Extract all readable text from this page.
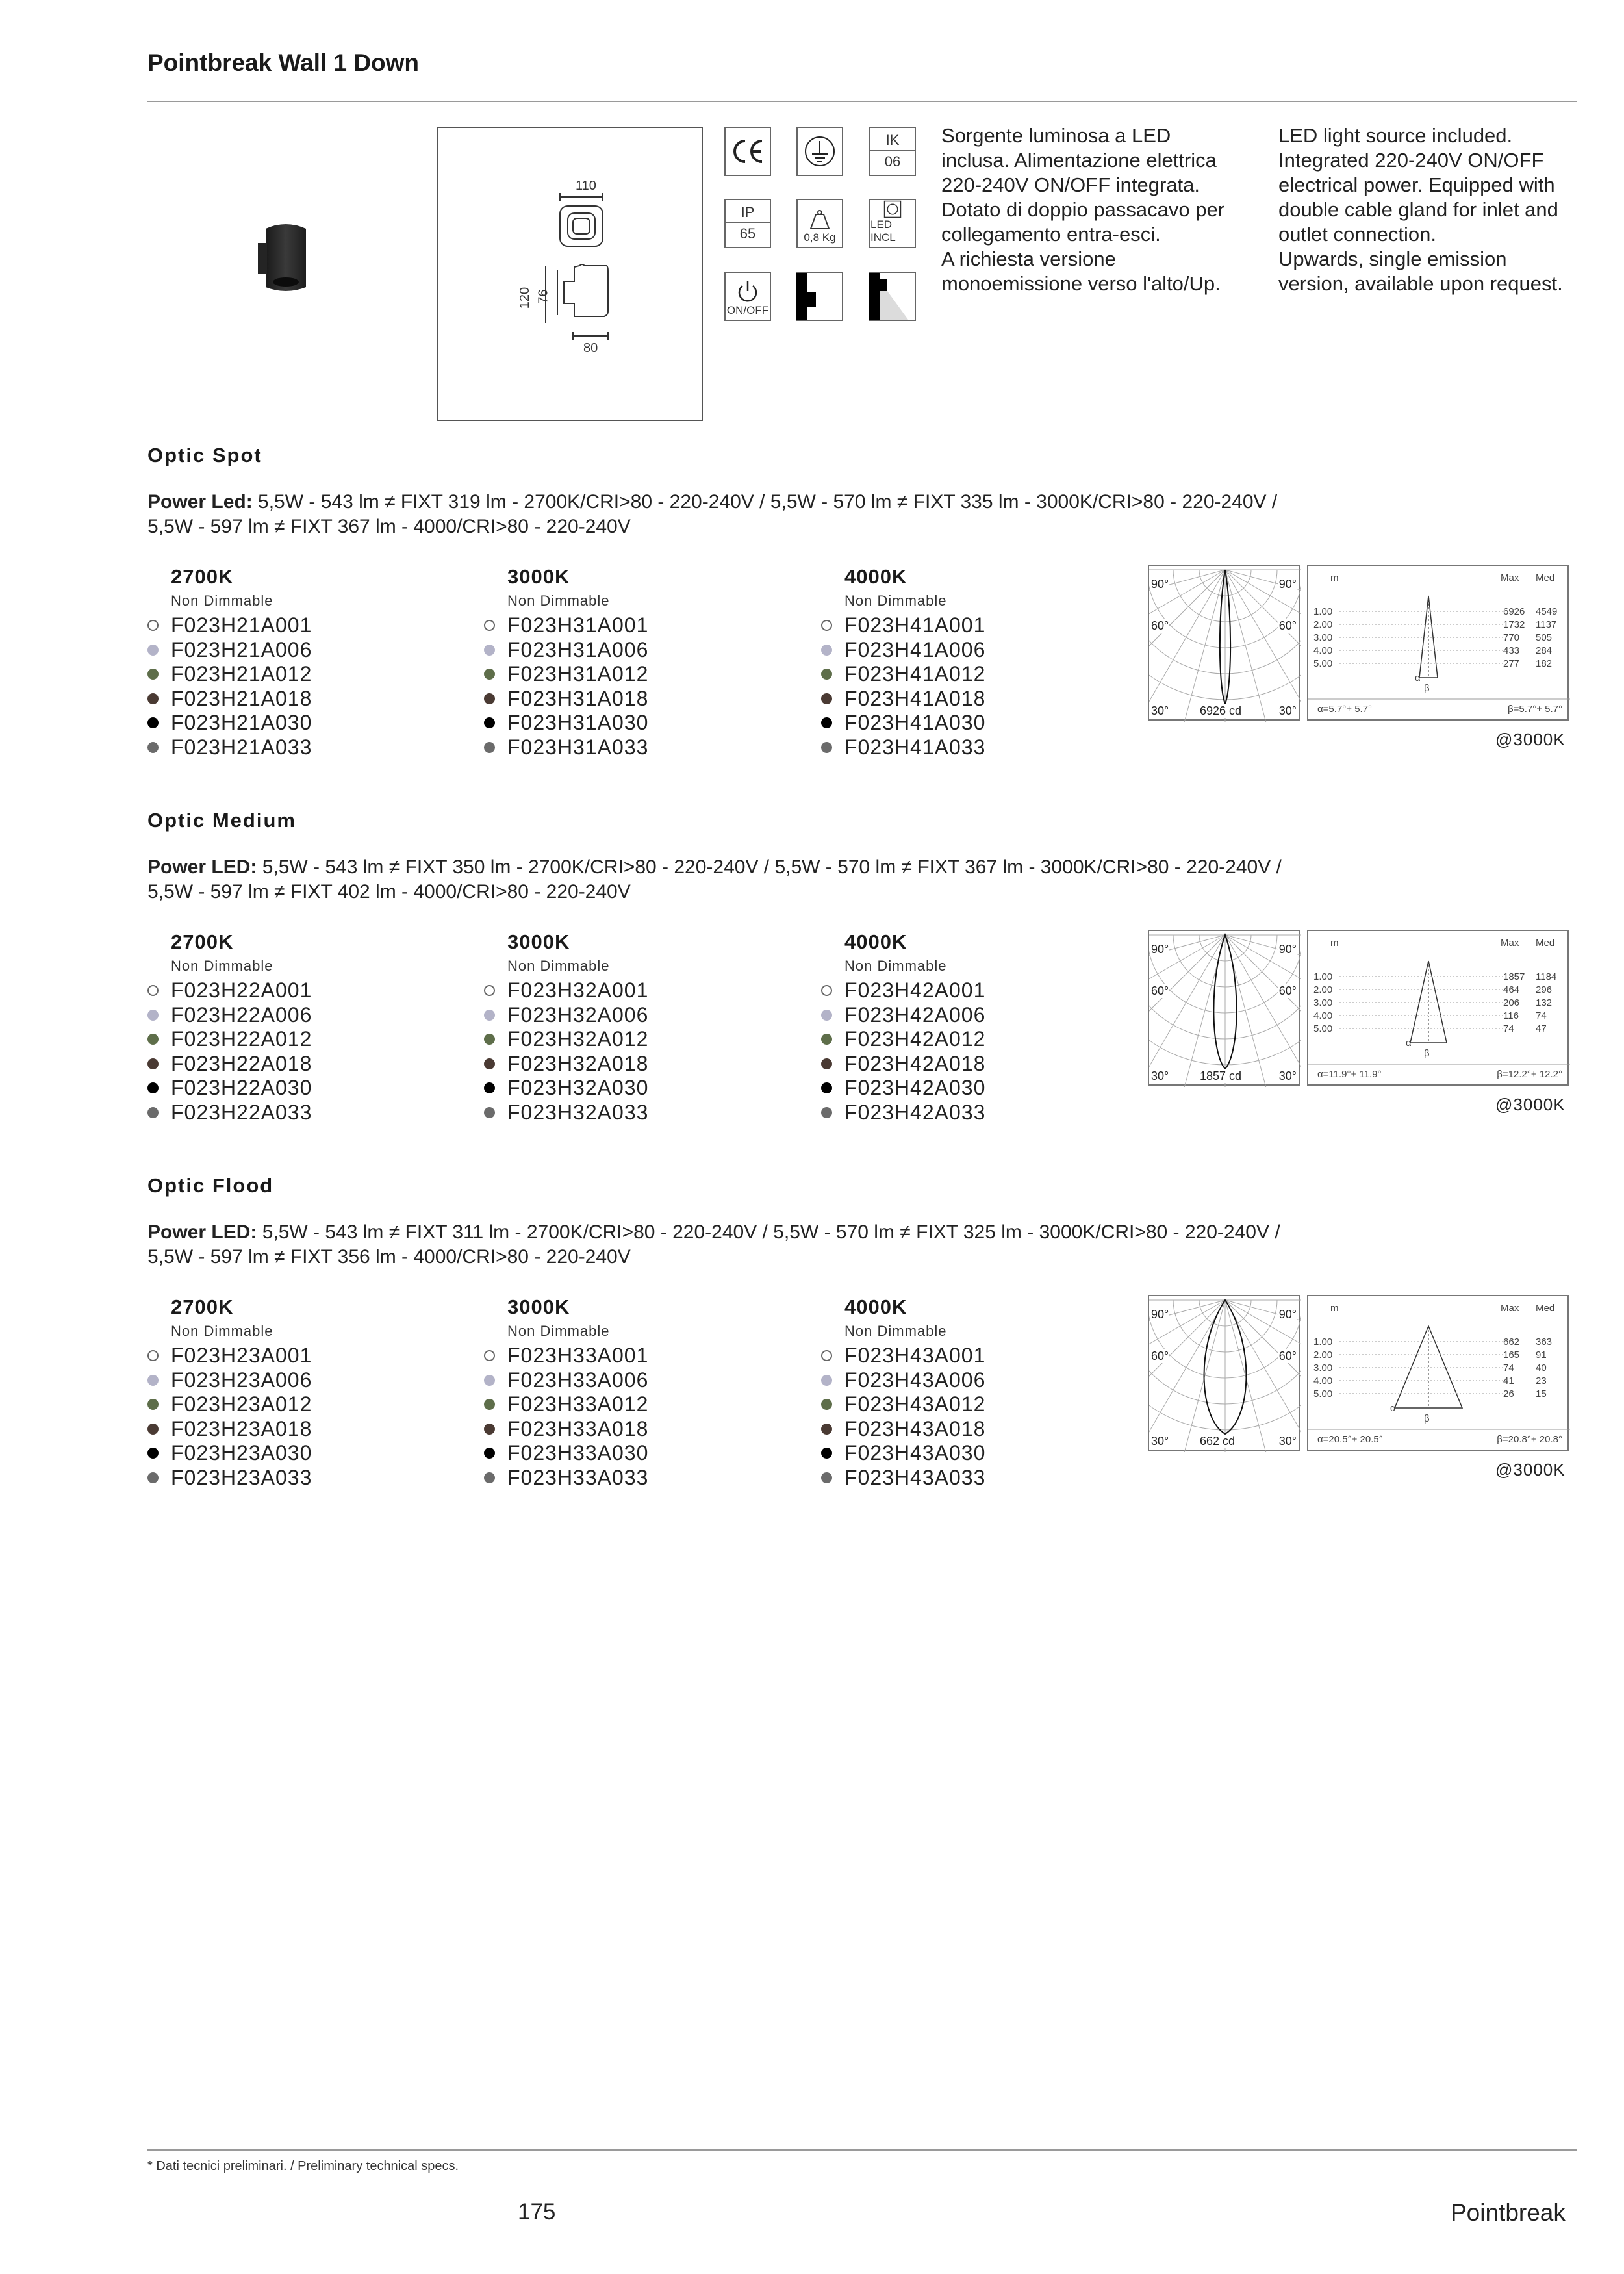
Pointbreak Wall 1 Down
110
120 76
80
IK
06
IP
65	0,8 Kg
LED INCL
ON/OFF
Sorgente luminosa a LED
inclusa. Alimentazione elettrica
220-240V ON/OFF integrata.
Dotato di doppio passacavo per
collegamento entra-esci.
A richiesta versione
monoemissione verso l'alto/Up.
LED light source included.
Integrated 220-240V ON/OFF
electrical power. Equipped with
double cable gland for inlet and
outlet connection.
Upwards, single emission
version, available upon request.
Optic Spot
Power Led: 5,5W - 543 lm ≠ FIXT 319 lm - 2700K/CRI>80 - 220-240V / 5,5W - 570 lm ≠ FIXT 335 lm - 3000K/CRI>80 - 220-240V /
5,5W - 597 lm ≠ FIXT 367 lm - 4000/CRI>80 - 220-240V
2700K
Non Dimmable
F023H21A001
F023H21A006
F023H21A012
F023H21A018
F023H21A030
F023H21A033
3000K
Non Dimmable
F023H31A001
F023H31A006
F023H31A012
F023H31A018
F023H31A030
F023H31A033
4000K
Non Dimmable
F023H41A001
F023H41A006
F023H41A012
F023H41A018
F023H41A030
F023H41A033
90°	90°
60°	60°
30°	30°
6926 cd
m	Max Med
1.00	6926 4549
2.00	1732 1137
3.00	770 505
4.00	433 284
5.00	277 182
α
β
α=5.7°+ 5.7°	β=5.7°+ 5.7°
@3000K
Optic Medium
Power LED: 5,5W - 543 lm ≠ FIXT 350 lm - 2700K/CRI>80 - 220-240V / 5,5W - 570 lm ≠ FIXT 367 lm - 3000K/CRI>80 - 220-240V /
5,5W - 597 lm ≠ FIXT 402 lm - 4000/CRI>80 - 220-240V
2700K
Non Dimmable
F023H22A001
F023H22A006
F023H22A012
F023H22A018
F023H22A030
F023H22A033
3000K
Non Dimmable
F023H32A001
F023H32A006
F023H32A012
F023H32A018
F023H32A030
F023H32A033
4000K
Non Dimmable
F023H42A001
F023H42A006
F023H42A012
F023H42A018
F023H42A030
F023H42A033
90°	90°
60°	60°
30°	30°
1857 cd
m	Max Med
1.00	1857 1184
2.00	464 296
3.00	206 132
4.00	116 74
5.00	74 47
α
β
α=11.9°+ 11.9°	β=12.2°+ 12.2°
@3000K
Optic Flood
Power LED: 5,5W - 543 lm ≠ FIXT 311 lm - 2700K/CRI>80 - 220-240V / 5,5W - 570 lm ≠ FIXT 325 lm - 3000K/CRI>80 - 220-240V /
5,5W - 597 lm ≠ FIXT 356 lm - 4000/CRI>80 - 220-240V
2700K
Non Dimmable
F023H23A001
F023H23A006
F023H23A012
F023H23A018
F023H23A030
F023H23A033
3000K
Non Dimmable
F023H33A001
F023H33A006
F023H33A012
F023H33A018
F023H33A030
F023H33A033
4000K
Non Dimmable
F023H43A001
F023H43A006
F023H43A012
F023H43A018
F023H43A030
F023H43A033
90°	90°
60°	60°
30°	30°
662 cd
m	Max Med
1.00	662 363
2.00	165 91
3.00	74 40
4.00	41 23
5.00	26 15
α
β
α=20.5°+ 20.5°	β=20.8°+ 20.8°
@3000K
* Dati tecnici preliminari. / Preliminary technical specs.
175	Pointbreak
